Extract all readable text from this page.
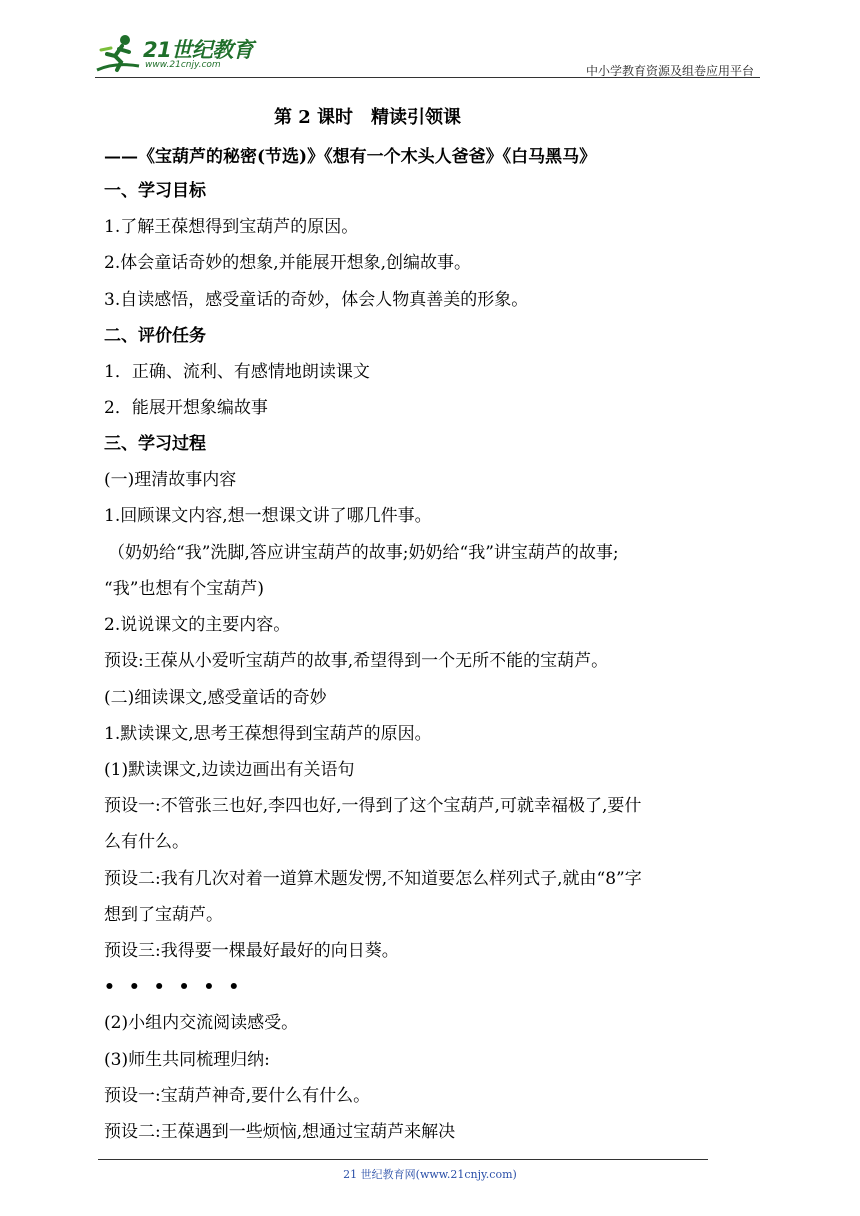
21世纪教育
www.21cnjy.com	中小学教育资源及组卷应用平台
第 2 课时　精读引领课
——《宝葫芦的秘密(节选)》《想有一个木头人爸爸》《白马黑马》
一、学习目标
1.了解王葆想得到宝葫芦的原因。
2.体会童话奇妙的想象,并能展开想象,创编故事。
3.自读感悟，感受童话的奇妙，体会人物真善美的形象。
二、评价任务
1．正确、流利、有感情地朗读课文
2．能展开想象编故事
三、学习过程
(一)理清故事内容
1.回顾课文内容,想一想课文讲了哪几件事。
（奶奶给“我”洗脚,答应讲宝葫芦的故事;奶奶给“我”讲宝葫芦的故事;
“我”也想有个宝葫芦)
2.说说课文的主要内容。
预设:王葆从小爱听宝葫芦的故事,希望得到一个无所不能的宝葫芦。
(二)细读课文,感受童话的奇妙
1.默读课文,思考王葆想得到宝葫芦的原因。
(1)默读课文,边读边画出有关语句
预设一:不管张三也好,李四也好,一得到了这个宝葫芦,可就幸福极了,要什
么有什么。
预设二:我有几次对着一道算术题发愣,不知道要怎么样列式子,就由“8”字
想到了宝葫芦。
预设三:我得要一棵最好最好的向日葵。
••••••
(2)小组内交流阅读感受。
(3)师生共同梳理归纳:
预设一:宝葫芦神奇,要什么有什么。
预设二:王葆遇到一些烦恼,想通过宝葫芦来解决
21 世纪教育网(www.21cnjy.com)
